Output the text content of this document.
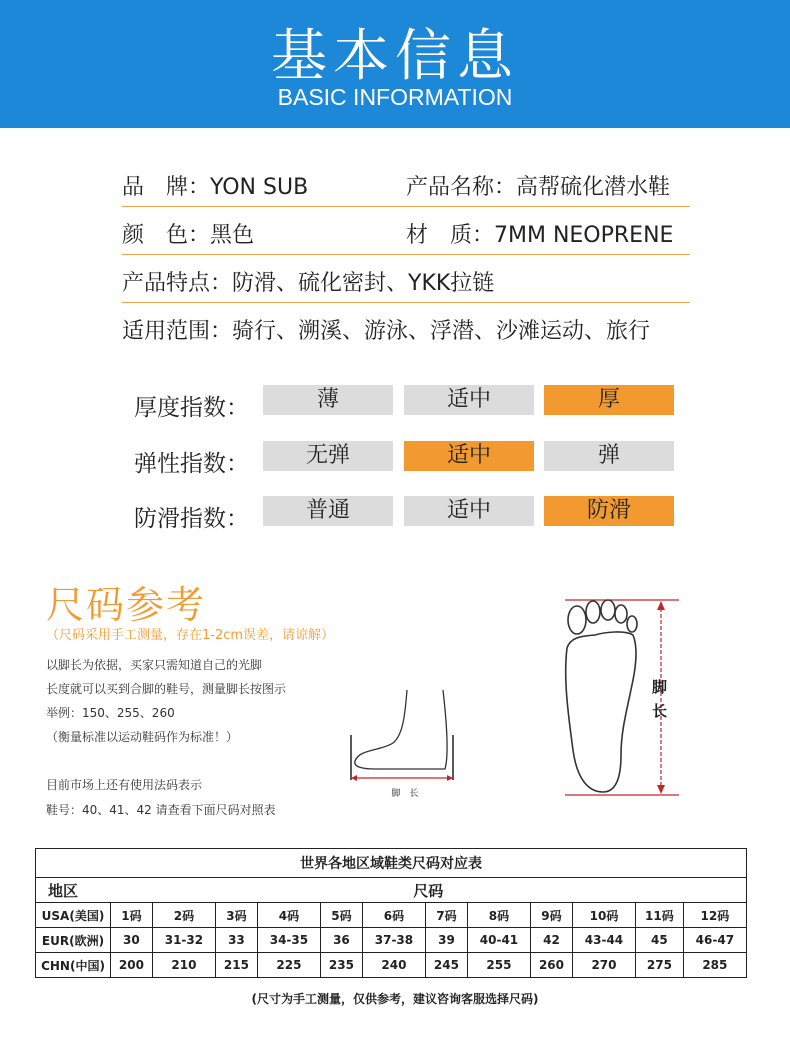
基本信息
BASIC INFORMATION
品　牌：YON SUB	产品名称：高帮硫化潜水鞋
颜　色：黑色	材　质：7MM NEOPRENE
产品特点：防滑、硫化密封、YKK拉链
适用范围：骑行、溯溪、游泳、浮潜、沙滩运动、旅行
厚度指数：	薄	适中	厚
弹性指数：	无弹	适中	弹
防滑指数：	普通	适中	防滑
尺码参考
（尺码采用手工测量，存在1-2cm误差，请谅解）
以脚长为依据，买家只需知道自己的光脚
长度就可以买到合脚的鞋号，测量脚长按图示
举例：150、255、260
（衡量标准以运动鞋码作为标准！）
目前市场上还有使用法码表示
鞋号：40、41、42 请查看下面尺码对照表
脚　长
脚
长
世界各地区域鞋类尺码对应表												
地区	尺码											
USA(美国)	1码	2码	3码	4码	5码	6码	7码	8码	9码	10码	11码	12码
EUR(欧洲)	30	31-32	33	34-35	36	37-38	39	40-41	42	43-44	45	46-47
CHN(中国)	200	210	215	225	235	240	245	255	260	270	275	285
(尺寸为手工测量，仅供参考，建议咨询客服选择尺码)
